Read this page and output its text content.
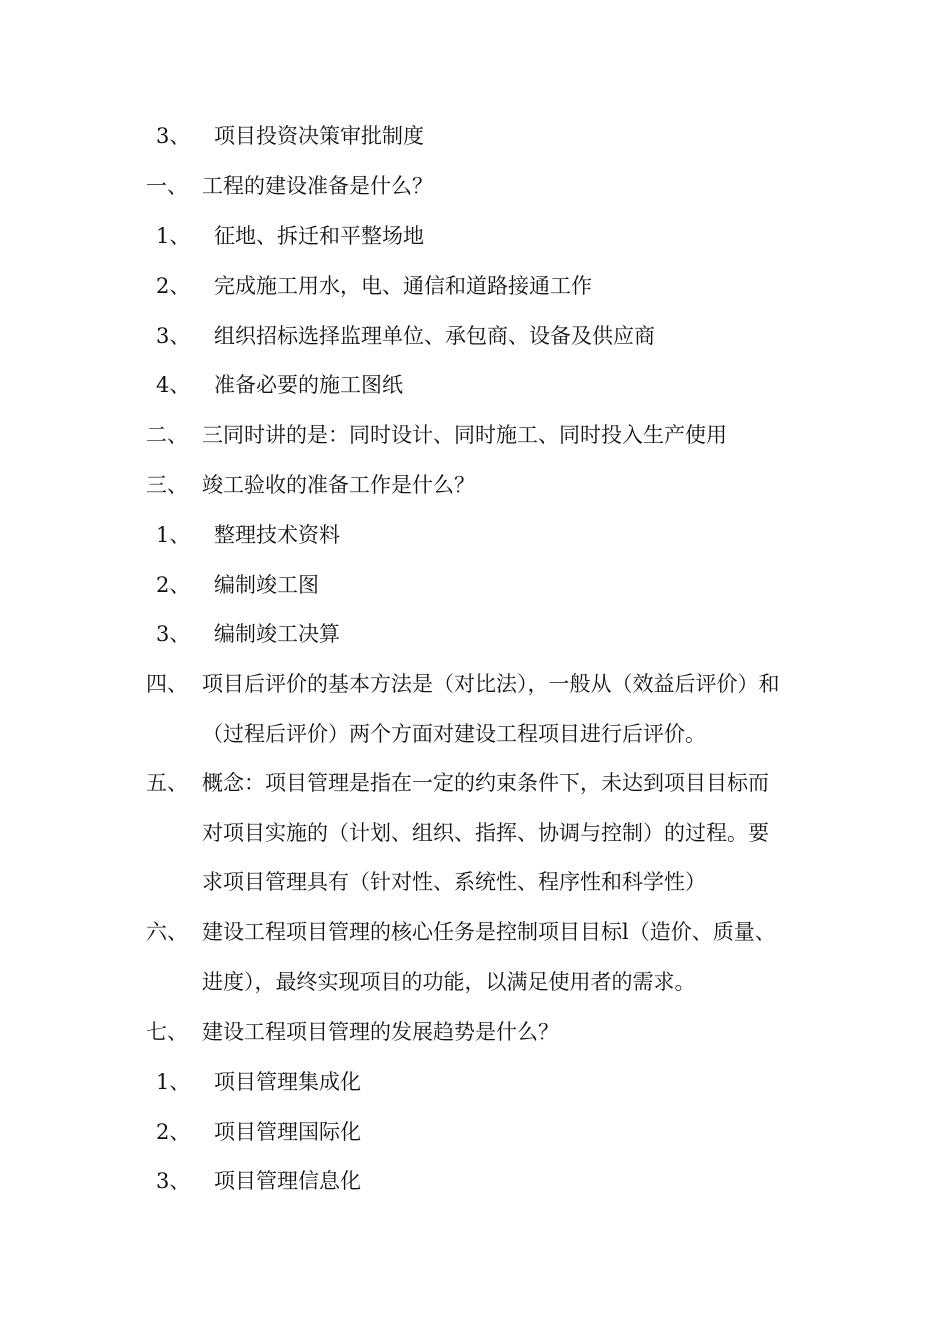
3、 项目投资决策审批制度
一、 工程的建设准备是什么？
1、 征地、拆迁和平整场地
2、 完成施工用水，电、通信和道路接通工作
3、 组织招标选择监理单位、承包商、设备及供应商
4、 准备必要的施工图纸
二、 三同时讲的是：同时设计、同时施工、同时投入生产使用
三、 竣工验收的准备工作是什么？
1、 整理技术资料
2、 编制竣工图
3、 编制竣工决算
四、 项目后评价的基本方法是（对比法），一般从（效益后评价）和
（过程后评价）两个方面对建设工程项目进行后评价。
五、 概念：项目管理是指在一定的约束条件下，未达到项目目标而
对项目实施的（计划、组织、指挥、协调与控制）的过程。要
求项目管理具有（针对性、系统性、程序性和科学性）
六、 建设工程项目管理的核心任务是控制项目目标l（造价、质量、
进度），最终实现项目的功能，以满足使用者的需求。
七、 建设工程项目管理的发展趋势是什么？
1、 项目管理集成化
2、 项目管理国际化
3、 项目管理信息化
